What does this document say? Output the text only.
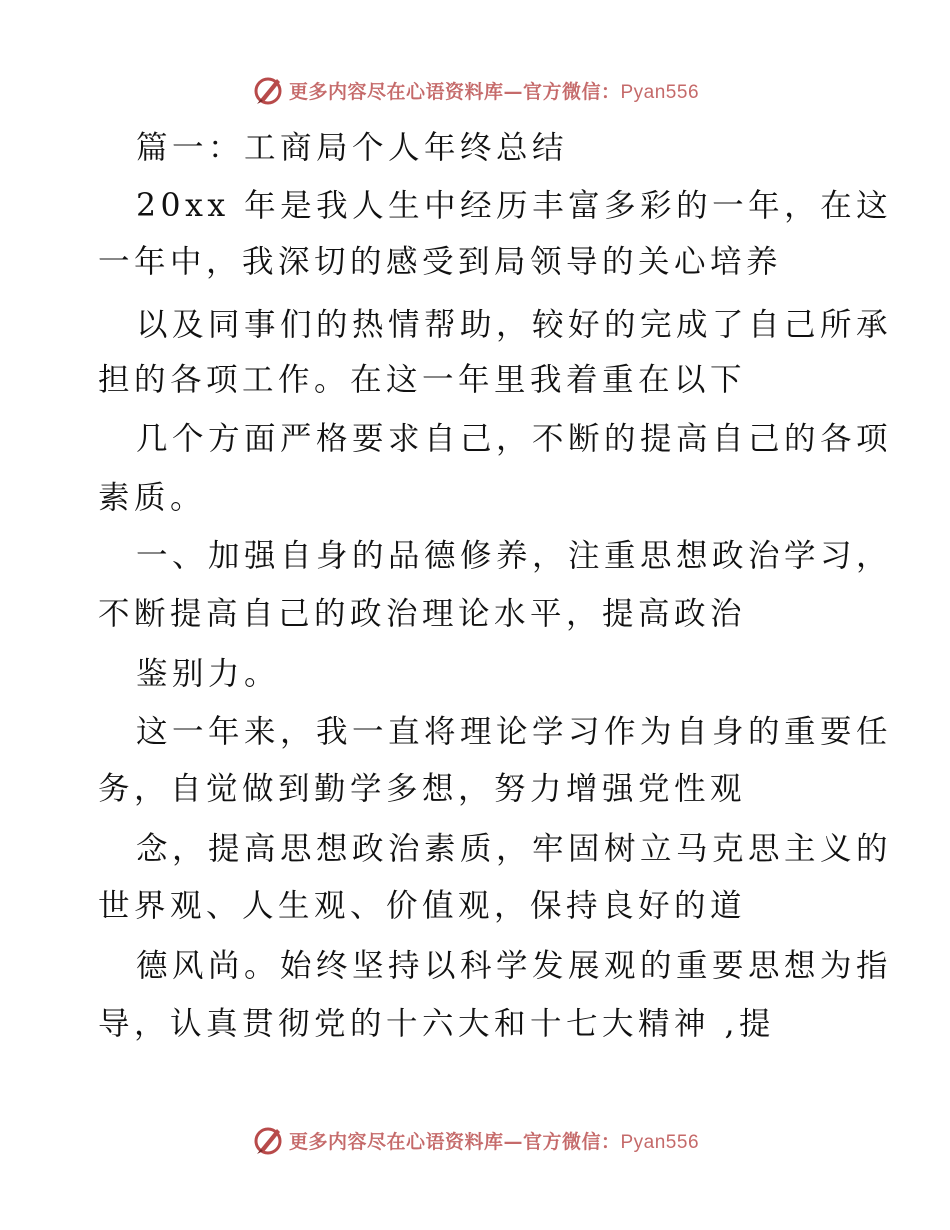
更多内容尽在心语资料库—官方微信：Pyan556
篇一：工商局个人年终总结
20xx 年是我人生中经历丰富多彩的一年，在这
一年中，我深切的感受到局领导的关心培养
以及同事们的热情帮助，较好的完成了自己所承
担的各项工作。在这一年里我着重在以下
几个方面严格要求自己，不断的提高自己的各项
素质。
一、加强自身的品德修养，注重思想政治学习，
不断提高自己的政治理论水平，提高政治
鉴别力。
这一年来，我一直将理论学习作为自身的重要任
务，自觉做到勤学多想，努力增强党性观
念，提高思想政治素质，牢固树立马克思主义的
世界观、人生观、价值观，保持良好的道
德风尚。始终坚持以科学发展观的重要思想为指
导，认真贯彻党的十六大和十七大精神 ,提
更多内容尽在心语资料库—官方微信：Pyan556
